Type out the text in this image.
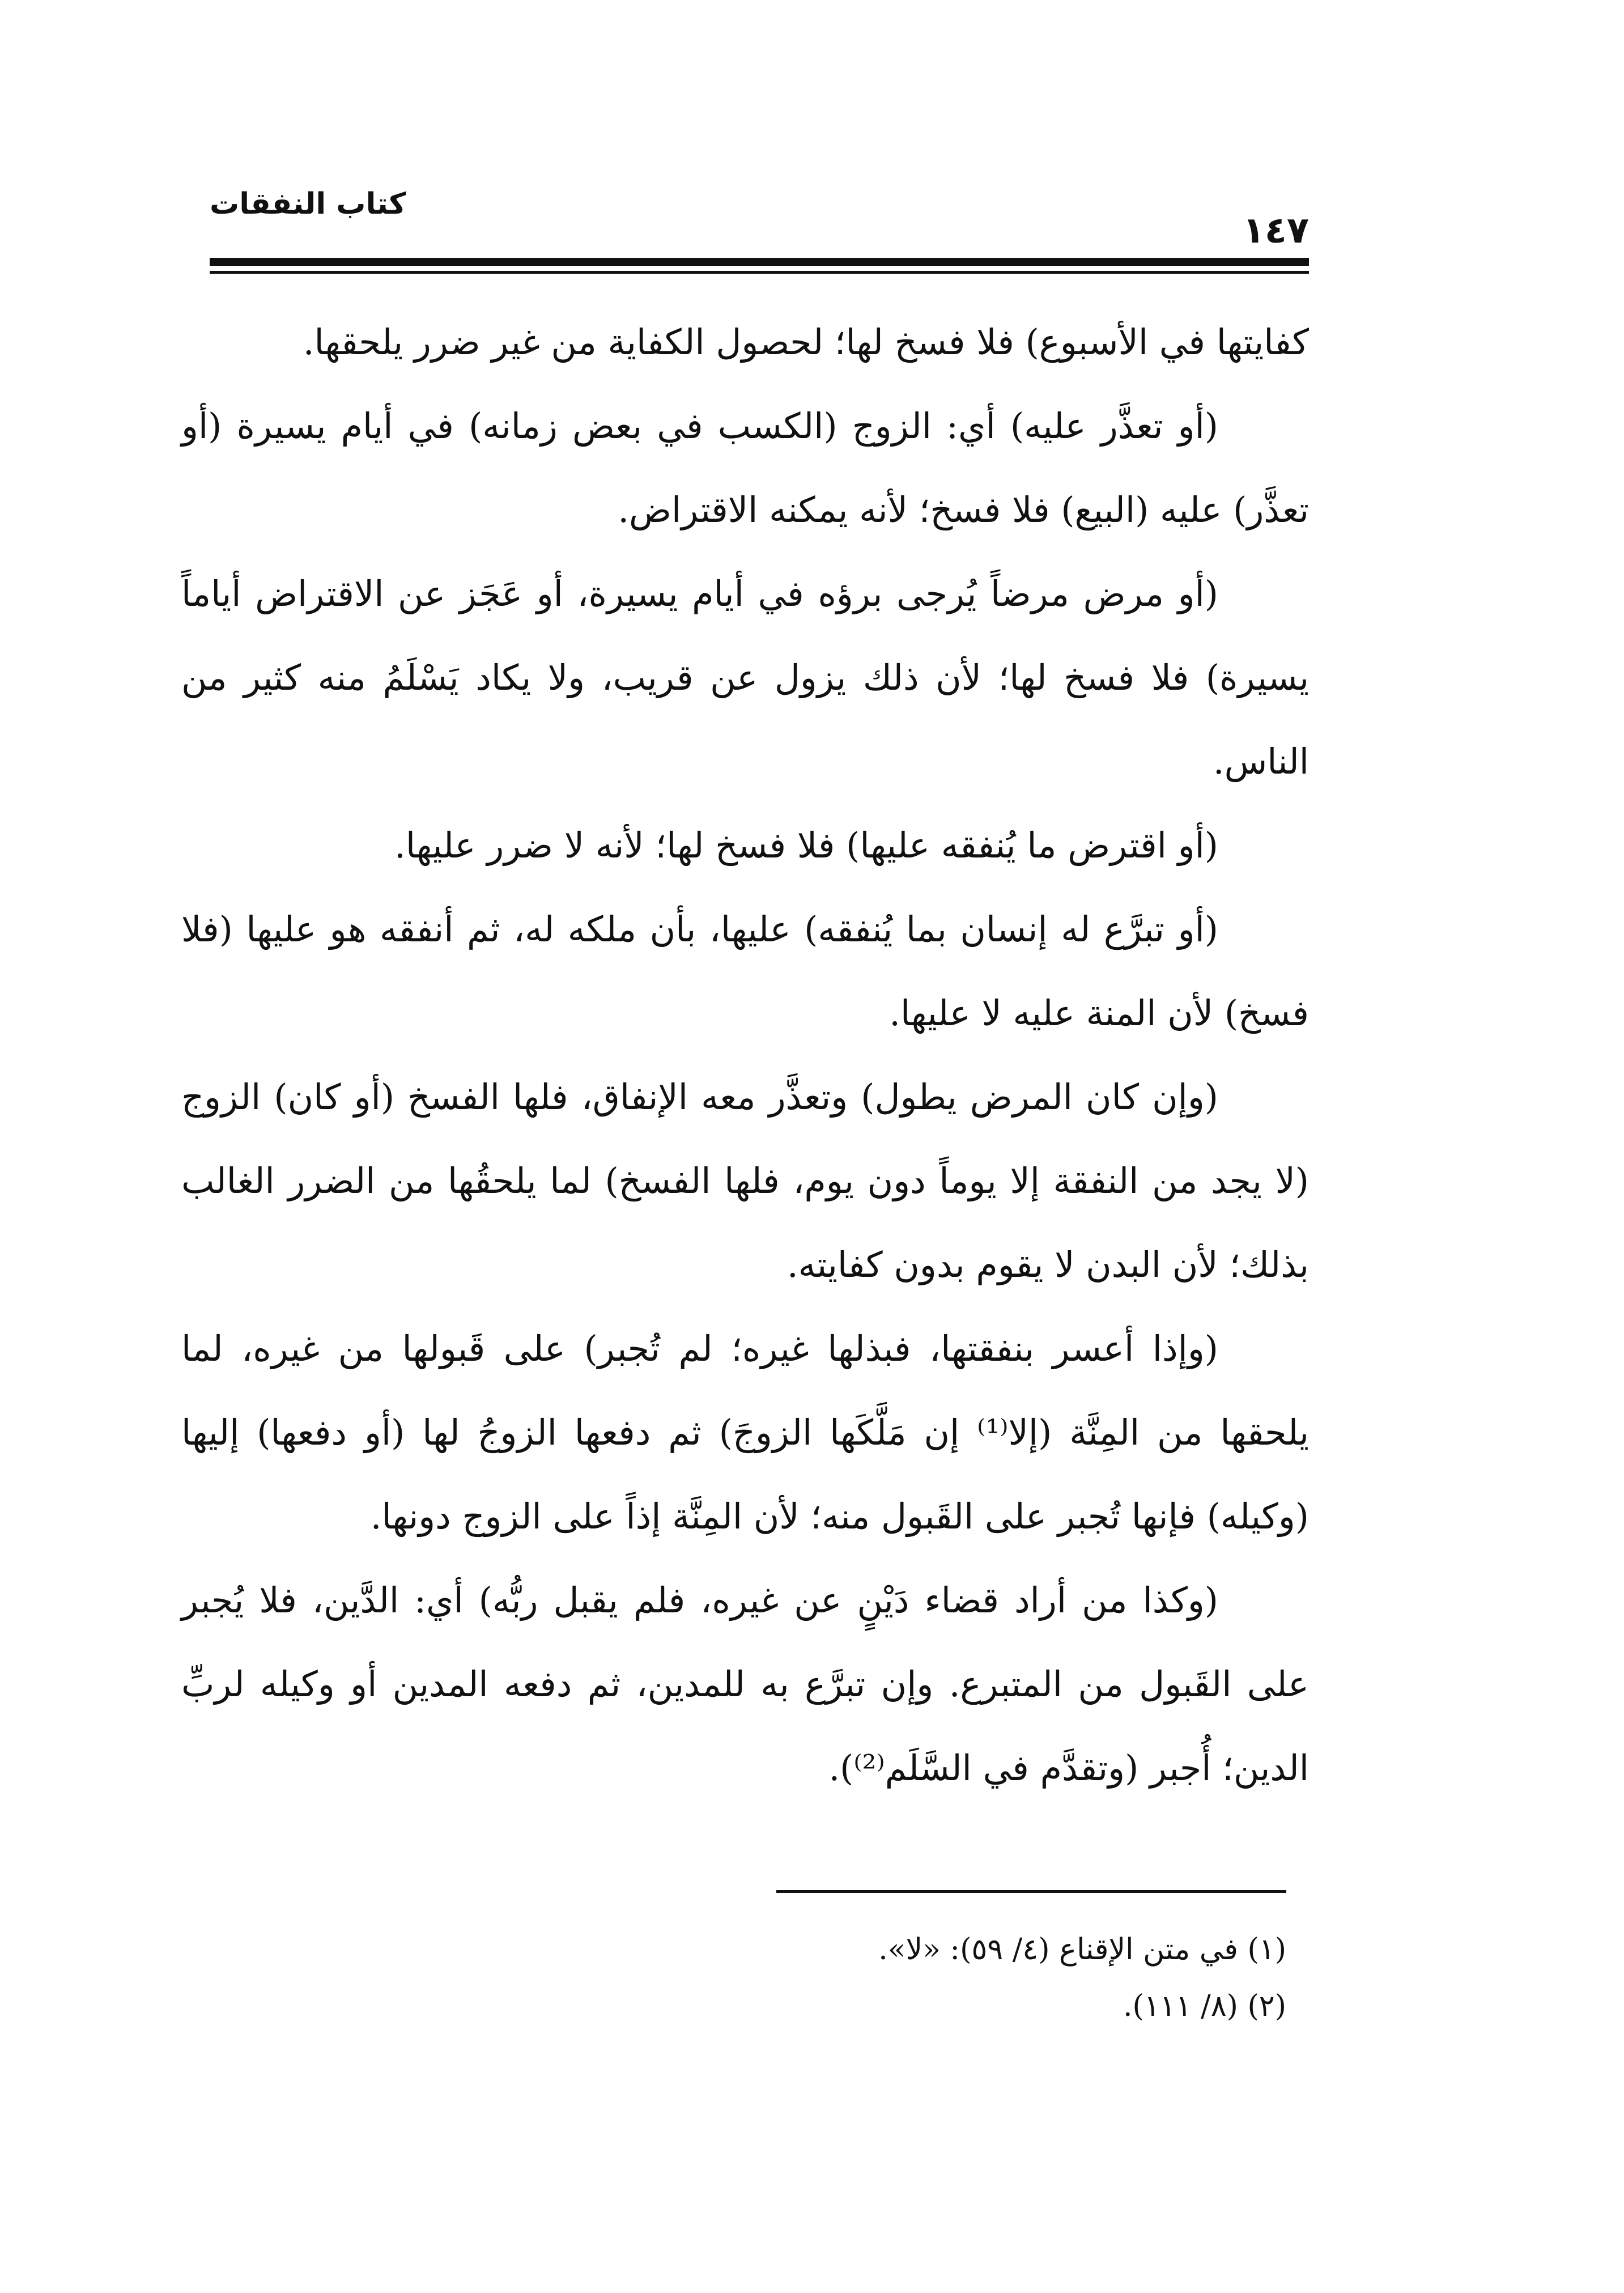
كتاب النفقات
١٤٧

كفايتها في الأسبوع) فلا فسخ لها؛ لحصول الكفاية من غير ضرر يلحقها.

(أو تعذَّر عليه) أي: الزوج (الكسب في بعض زمانه) في أيام يسيرة (أو تعذَّر) عليه (البيع) فلا فسخ؛ لأنه يمكنه الاقتراض.

(أو مرض مرضاً يُرجى برؤه في أيام يسيرة، أو عَجَز عن الاقتراض أياماً يسيرة) فلا فسخ لها؛ لأن ذلك يزول عن قريب، ولا يكاد يَسْلَمُ منه كثير من الناس.

(أو اقترض ما يُنفقه عليها) فلا فسخ لها؛ لأنه لا ضرر عليها.

(أو تبرَّع له إنسان بما يُنفقه) عليها، بأن ملكه له، ثم أنفقه هو عليها (فلا فسخ) لأن المنة عليه لا عليها.

(وإن كان المرض يطول) وتعذَّر معه الإنفاق، فلها الفسخ (أو كان) الزوج (لا يجد من النفقة إلا يوماً دون يوم، فلها الفسخ) لما يلحقُها من الضرر الغالب بذلك؛ لأن البدن لا يقوم بدون كفايته.

(وإذا أعسر بنفقتها، فبذلها غيره؛ لم تُجبر) على قَبولها من غيره، لما يلحقها من المِنَّة (إلا⁽¹⁾ إن مَلَّكَها الزوجَ) ثم دفعها الزوجُ لها (أو دفعها) إليها (وكيله) فإنها تُجبر على القَبول منه؛ لأن المِنَّة إذاً على الزوج دونها.

(وكذا من أراد قضاء دَيْنٍ عن غيره، فلم يقبل ربُّه) أي: الدَّين، فلا يُجبر على القَبول من المتبرع. وإن تبرَّع به للمدين، ثم دفعه المدين أو وكيله لربِّ الدين؛ أُجبر (وتقدَّم في السَّلَم⁽²⁾).

(١) في متن الإقناع (٤/ ٥٩): «لا».

(٢) (٨/ ١١١).
